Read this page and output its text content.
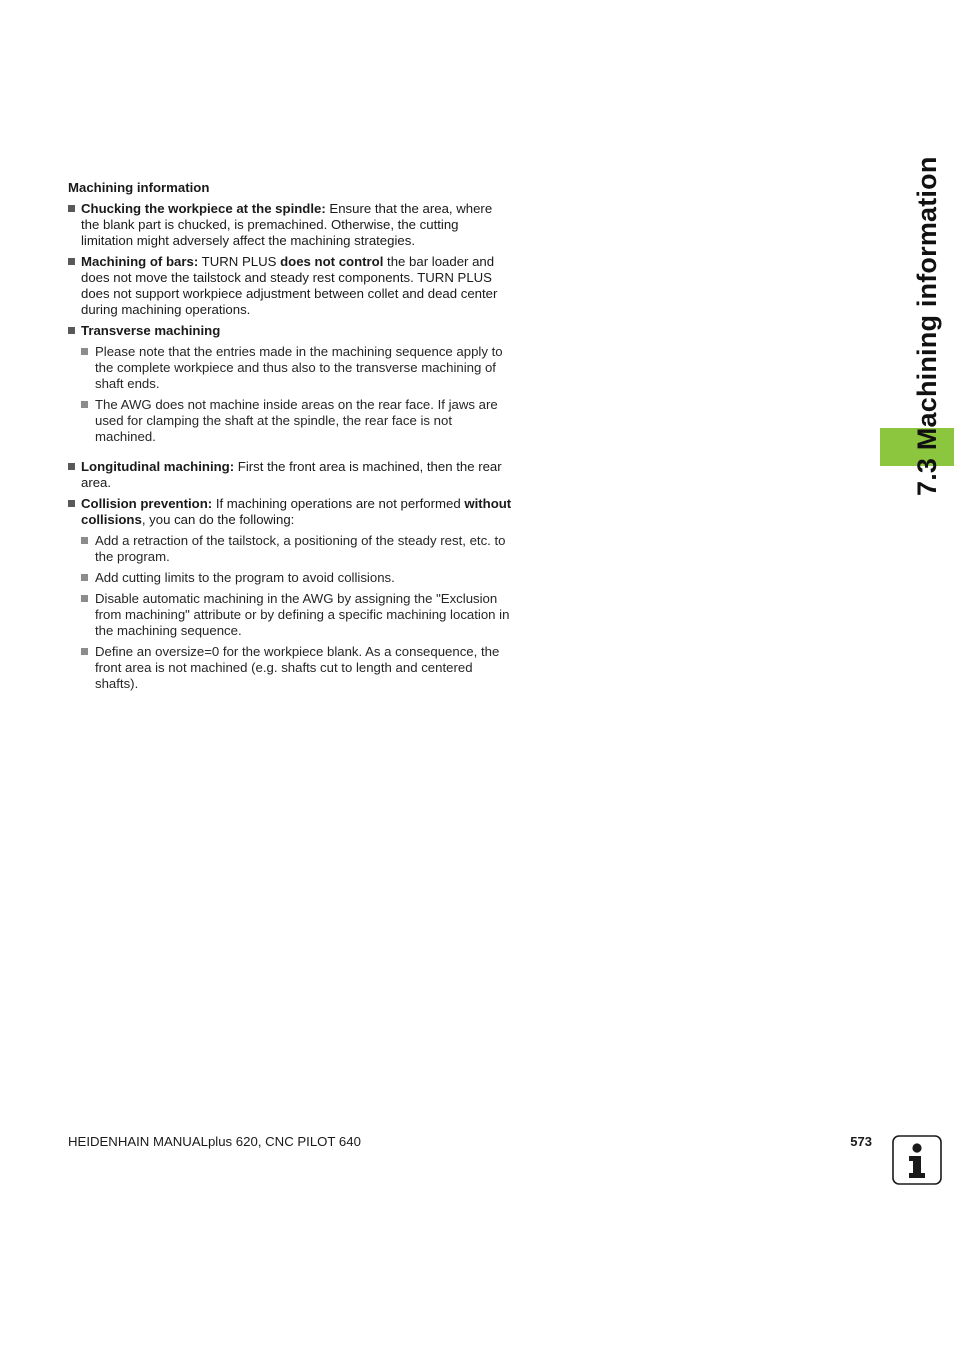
7.3 Machining information
Machining information
Chucking the workpiece at the spindle: Ensure that the area, where the blank part is chucked, is premachined. Otherwise, the cutting limitation might adversely affect the machining strategies.
Machining of bars: TURN PLUS does not control the bar loader and does not move the tailstock and steady rest components. TURN PLUS does not support workpiece adjustment between collet and dead center during machining operations.
Transverse machining
Please note that the entries made in the machining sequence apply to the complete workpiece and thus also to the transverse machining of shaft ends.
The AWG does not machine inside areas on the rear face. If jaws are used for clamping the shaft at the spindle, the rear face is not machined.
Longitudinal machining: First the front area is machined, then the rear area.
Collision prevention: If machining operations are not performed without collisions, you can do the following:
Add a retraction of the tailstock, a positioning of the steady rest, etc. to the program.
Add cutting limits to the program to avoid collisions.
Disable automatic machining in the AWG by assigning the "Exclusion from machining" attribute or by defining a specific machining location in the machining sequence.
Define an oversize=0 for the workpiece blank. As a consequence, the front area is not machined (e.g. shafts cut to length and centered shafts).
HEIDENHAIN MANUALplus 620, CNC PILOT 640	573
